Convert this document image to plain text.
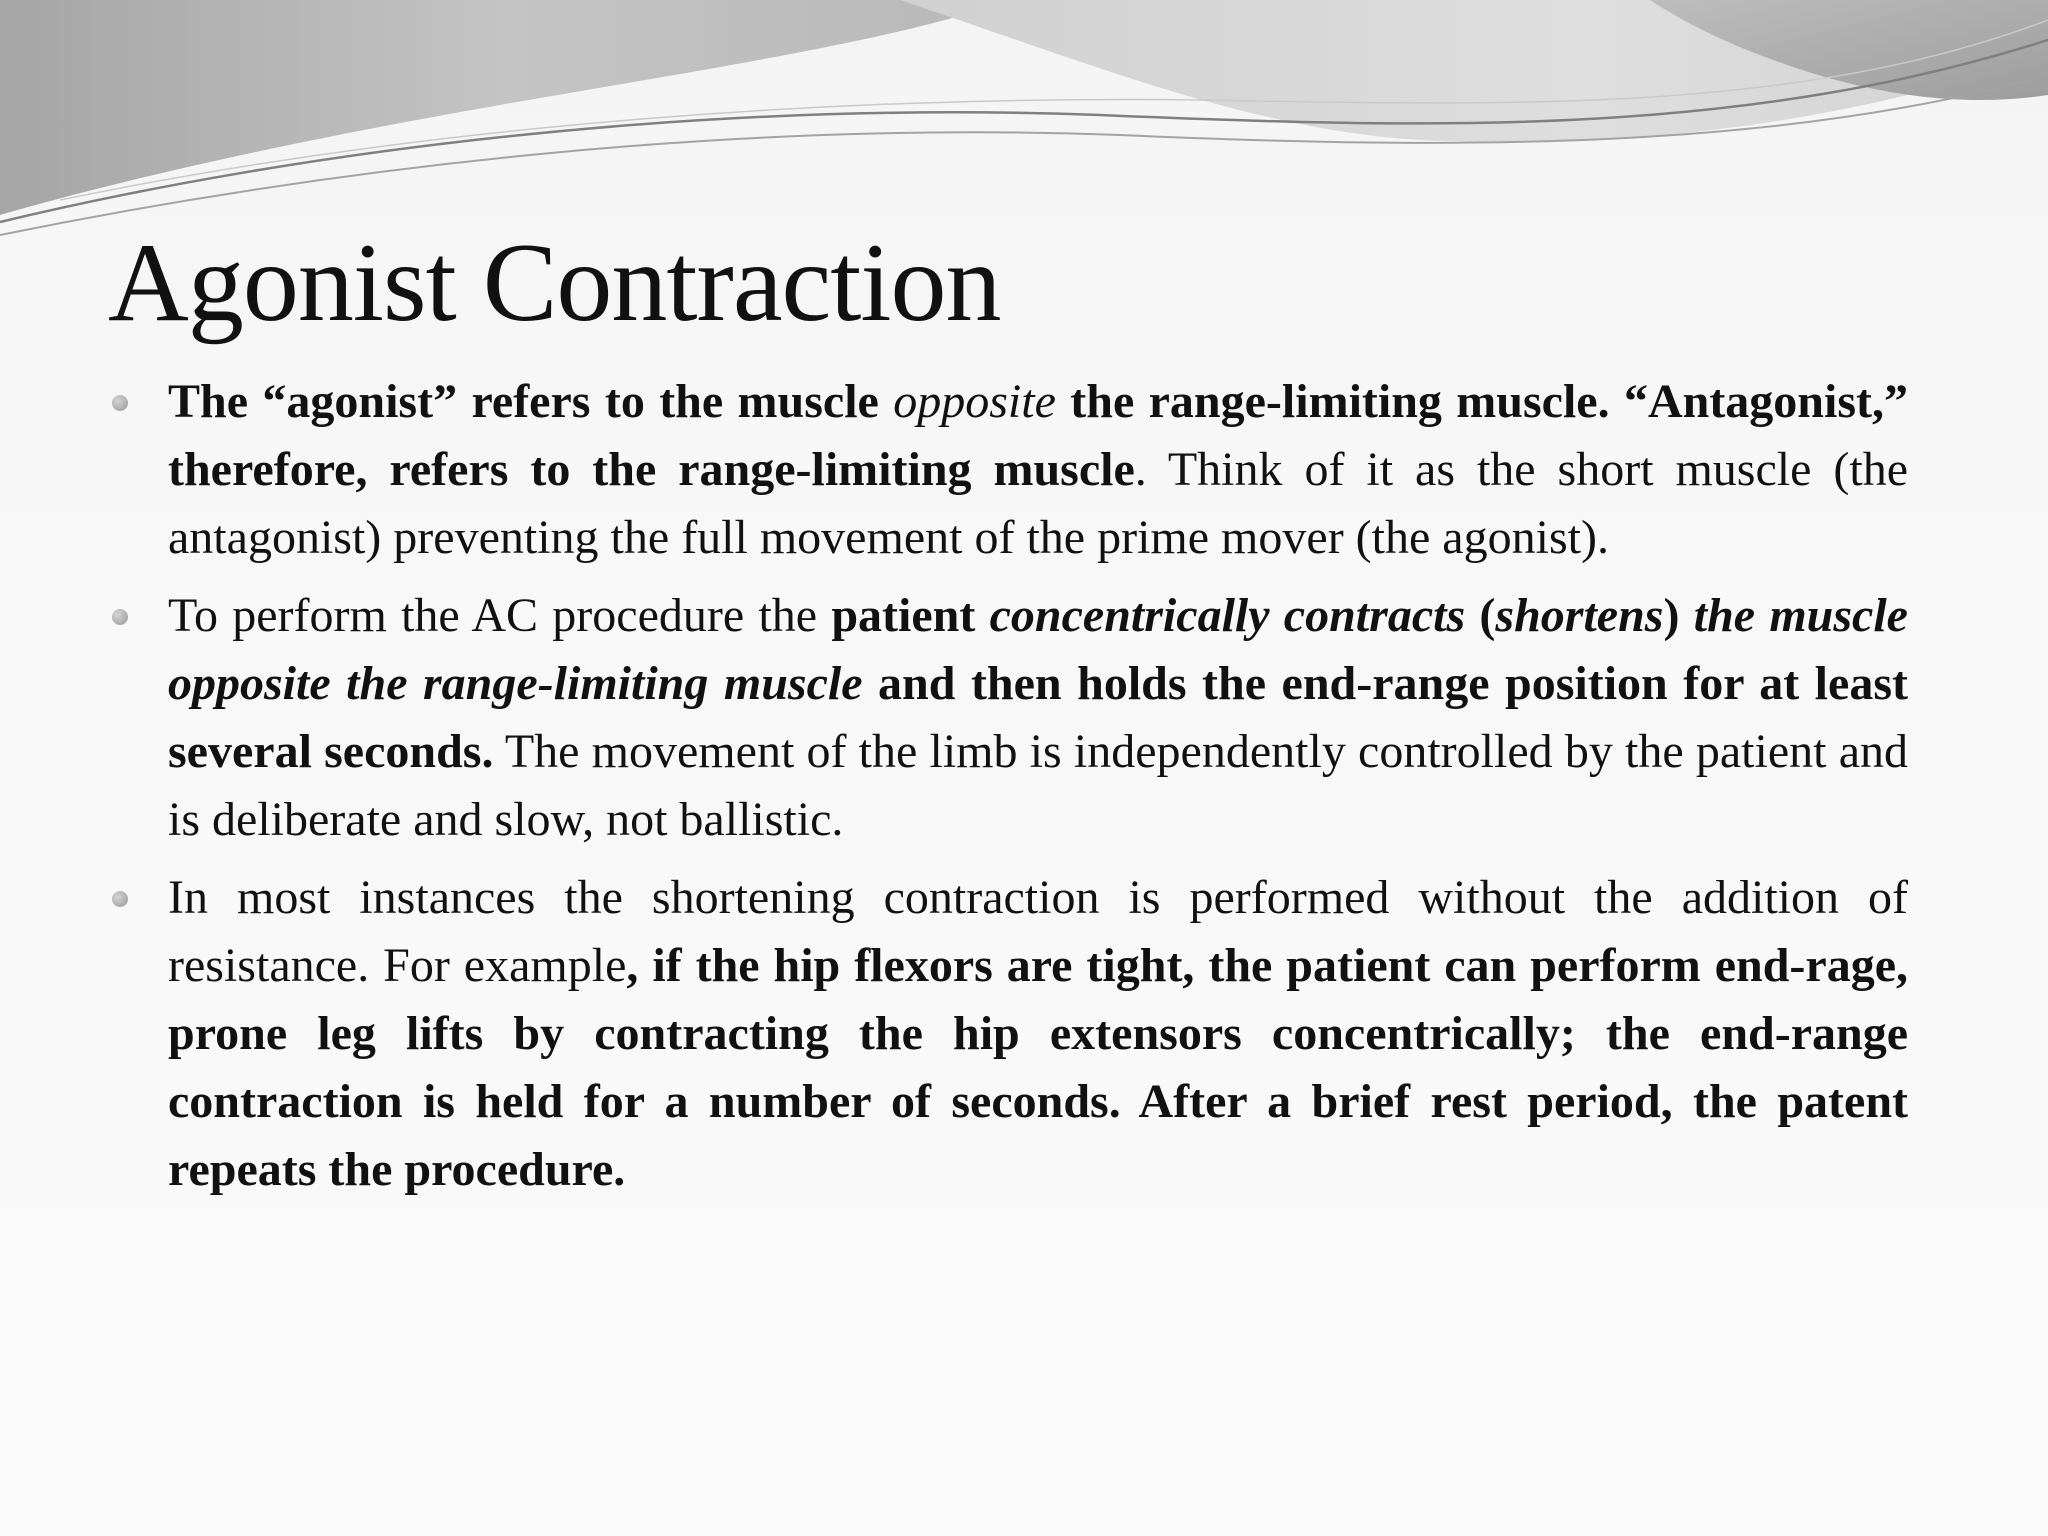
Agonist Contraction

The “agonist” refers to the muscle opposite the range-limiting muscle. “Antagonist,” therefore, refers to the range-limiting muscle. Think of it as the short muscle (the antagonist) preventing the full movement of the prime mover (the agonist).

To perform the AC procedure the patient concentrically contracts (shortens) the muscle opposite the range-limiting muscle and then holds the end-range position for at least several seconds. The movement of the limb is independently controlled by the patient and is deliberate and slow, not ballistic.

In most instances the shortening contraction is performed without the addition of resistance. For example, if the hip flexors are tight, the patient can perform end-rage, prone leg lifts by contracting the hip extensors concentrically; the end-range contraction is held for a number of seconds. After a brief rest period, the patent repeats the procedure.
